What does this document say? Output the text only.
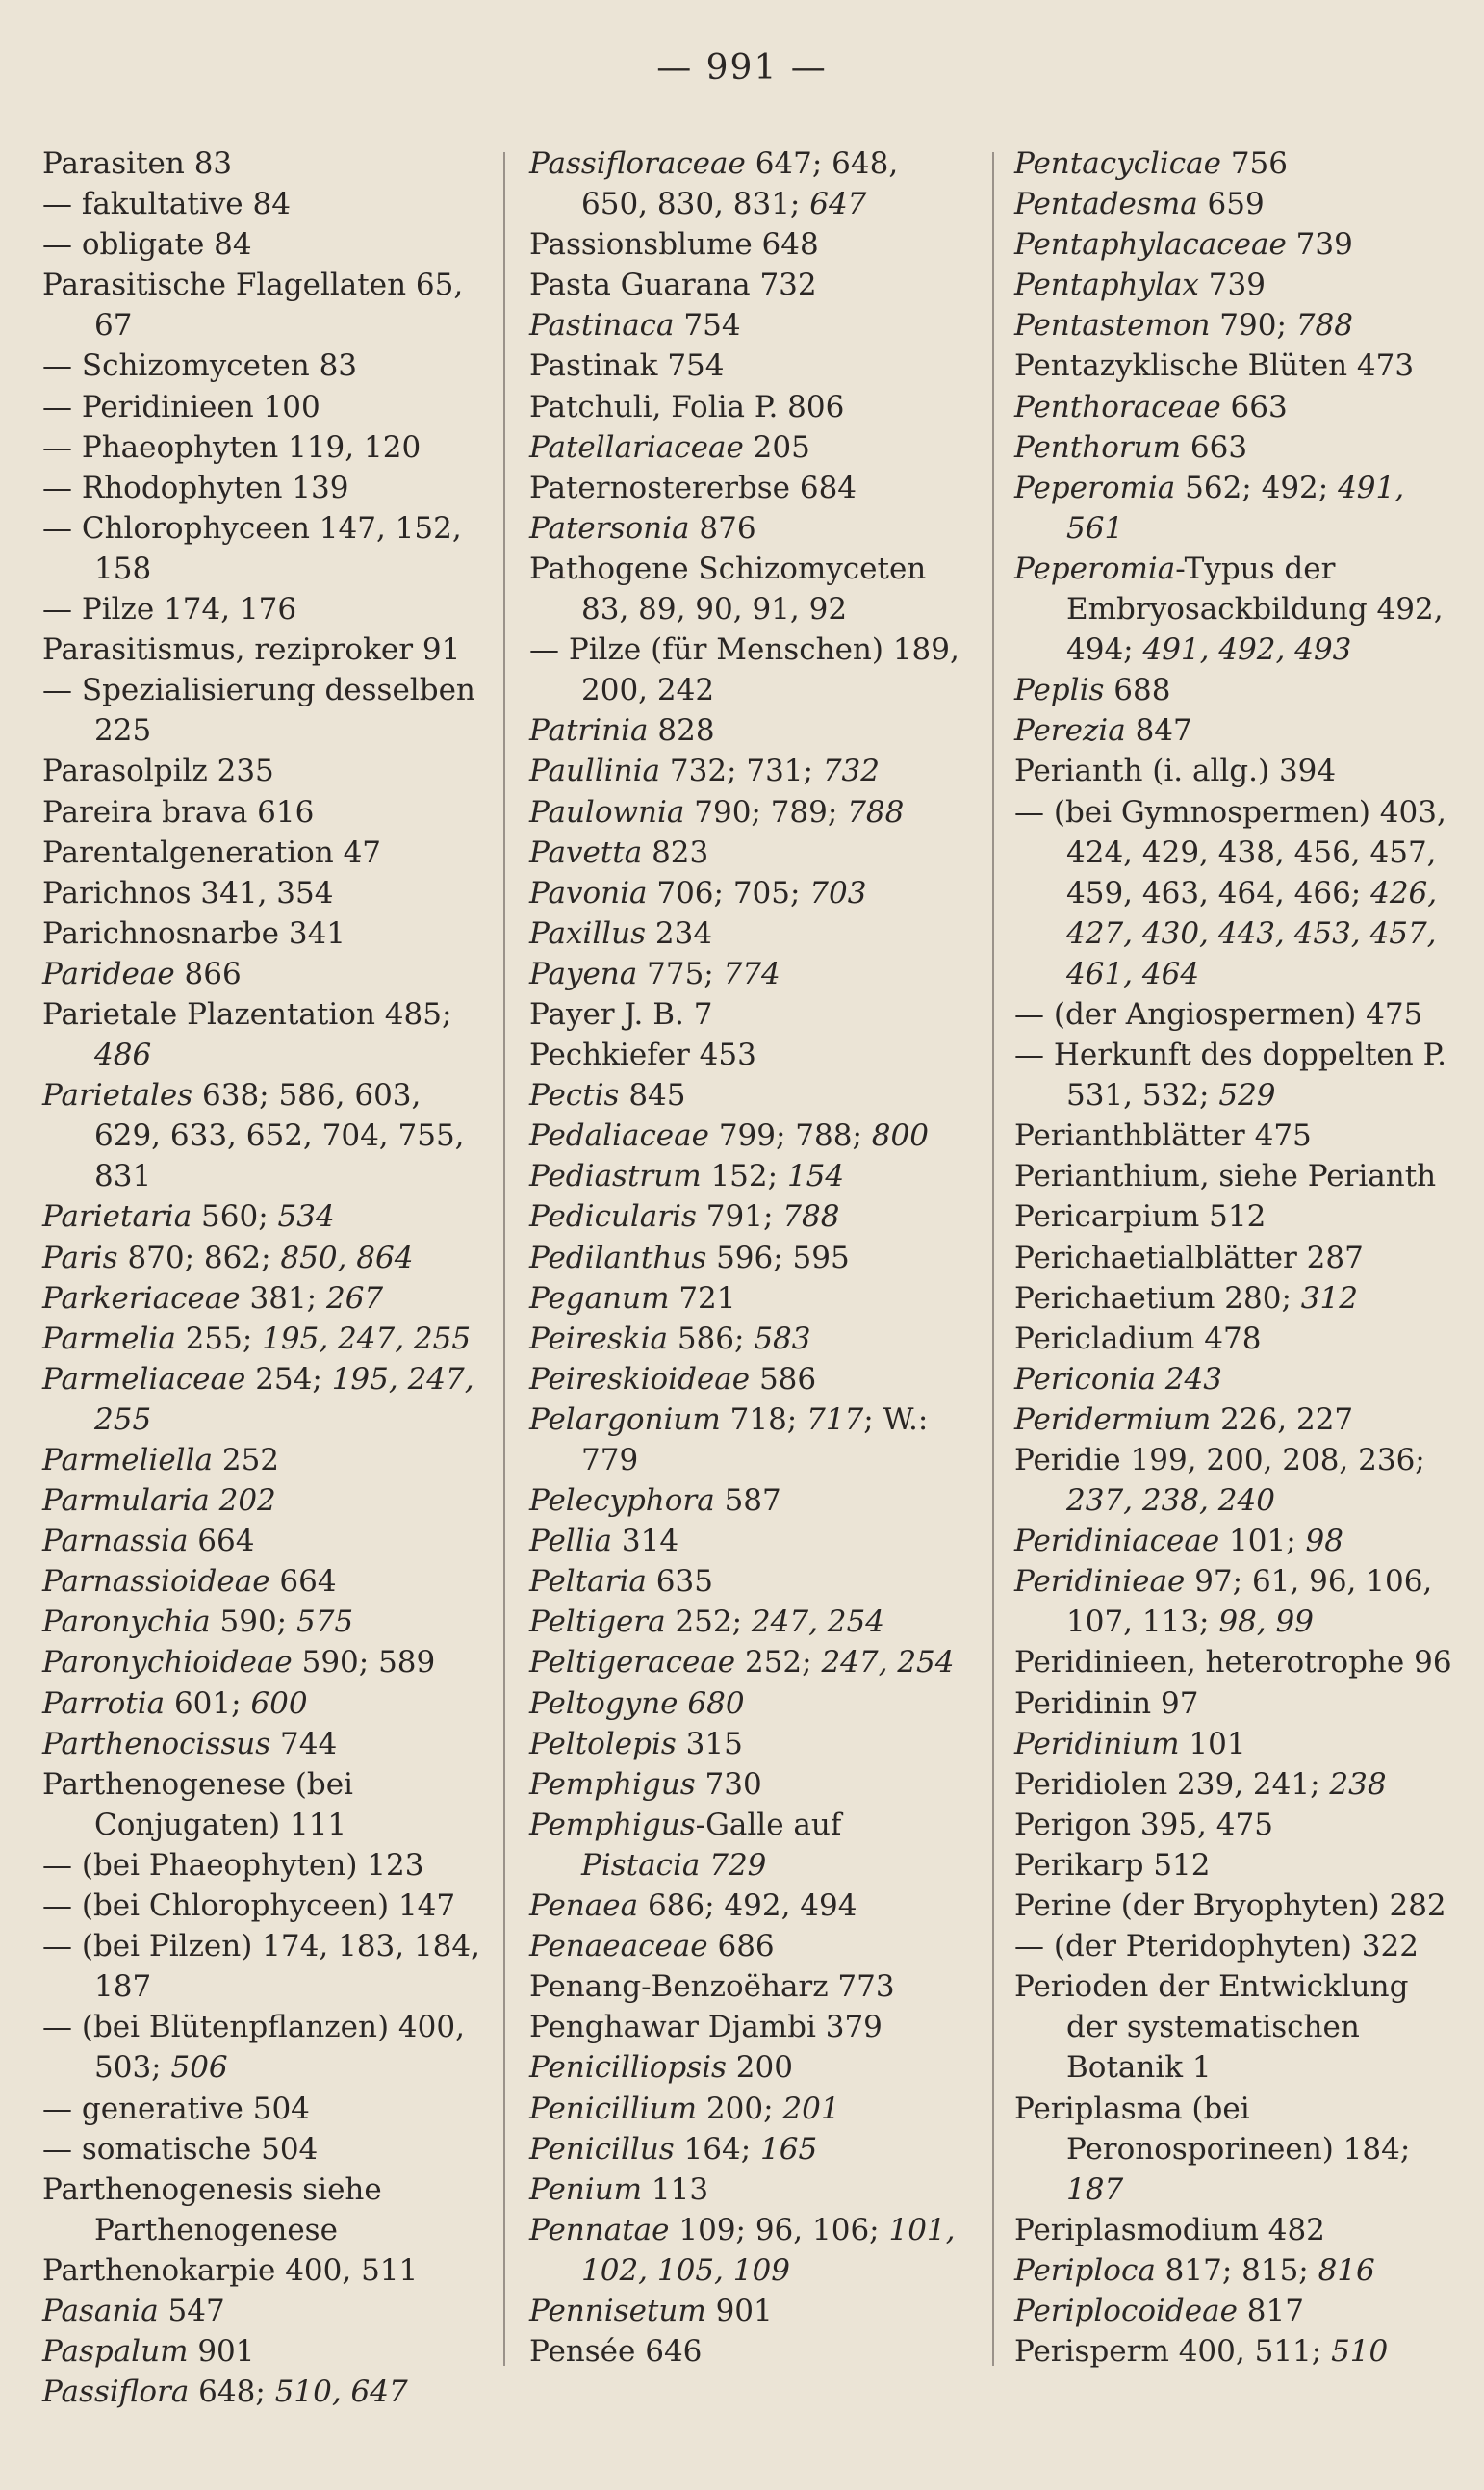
— 991 —
Parasiten 83
— fakultative 84
— obligate 84
Parasitische Flagellaten 65, 67
— Schizomyceten 83
— Peridinieen 100
— Phaeophyten 119, 120
— Rhodophyten 139
— Chlorophyceen 147, 152, 158
— Pilze 174, 176
Parasitismus, reziproker 91
— Spezialisierung desselben 225
Parasolpilz 235
Pareira brava 616
Parentalgeneration 47
Parichnos 341, 354
Parichnosnarbe 341
Parideae 866
Parietale Plazentation 485; 486
Parietales 638; 586, 603, 629, 633, 652, 704, 755, 831
Parietaria 560; 534
Paris 870; 862; 850, 864
Parkeriaceae 381; 267
Parmelia 255; 195, 247, 255
Parmeliaceae 254; 195, 247, 255
Parmeliella 252
Parmularia 202
Parnassia 664
Parnassioideae 664
Paronychia 590; 575
Paronychioideae 590; 589
Parrotia 601; 600
Parthenocissus 744
Parthenogenese (bei Conjugaten) 111
— (bei Phaeophyten) 123
— (bei Chlorophyceen) 147
— (bei Pilzen) 174, 183, 184, 187
— (bei Blütenpflanzen) 400, 503; 506
— generative 504
— somatische 504
Parthenogenesis siehe Parthenogenese
Parthenokarpie 400, 511
Pasania 547
Paspalum 901
Passiflora 648; 510, 647
Passifloraceae 647; 648, 650, 830, 831; 647
Passionsblume 648
Pasta Guarana 732
Pastinaca 754
Pastinak 754
Patchuli, Folia P. 806
Patellariaceae 205
Paternostererbse 684
Patersonia 876
Pathogene Schizomyceten 83, 89, 90, 91, 92
— Pilze (für Menschen) 189, 200, 242
Patrinia 828
Paullinia 732; 731; 732
Paulownia 790; 789; 788
Pavetta 823
Pavonia 706; 705; 703
Paxillus 234
Payena 775; 774
Payer J. B. 7
Pechkiefer 453
Pectis 845
Pedaliaceae 799; 788; 800
Pediastrum 152; 154
Pedicularis 791; 788
Pedilanthus 596; 595
Peganum 721
Peireskia 586; 583
Peireskioideae 586
Pelargonium 718; 717; W.: 779
Pelecyphora 587
Pellia 314
Peltaria 635
Peltigera 252; 247, 254
Peltigeraceae 252; 247, 254
Peltogyne 680
Peltolepis 315
Pemphigus 730
Pemphigus-Galle auf Pistacia 729
Penaea 686; 492, 494
Penaeaceae 686
Penang-Benzoëharz 773
Penghawar Djambi 379
Penicilliopsis 200
Penicillium 200; 201
Penicillus 164; 165
Penium 113
Pennatae 109; 96, 106; 101, 102, 105, 109
Pennisetum 901
Pensée 646
Pentacyclicae 756
Pentadesma 659
Pentaphylacaceae 739
Pentaphylax 739
Pentastemon 790; 788
Pentazyklische Blüten 473
Penthoraceae 663
Penthorum 663
Peperomia 562; 492; 491, 561
Peperomia-Typus der Embryosackbildung 492, 494; 491, 492, 493
Peplis 688
Perezia 847
Perianth (i. allg.) 394
— (bei Gymnospermen) 403, 424, 429, 438, 456, 457, 459, 463, 464, 466; 426, 427, 430, 443, 453, 457, 461, 464
— (der Angiospermen) 475
— Herkunft des doppelten P. 531, 532; 529
Perianthblätter 475
Perianthium, siehe Perianth
Pericarpium 512
Perichaetialblätter 287
Perichaetium 280; 312
Pericladium 478
Periconia 243
Peridermium 226, 227
Peridie 199, 200, 208, 236; 237, 238, 240
Peridiniaceae 101; 98
Peridinieae 97; 61, 96, 106, 107, 113; 98, 99
Peridinieen, heterotrophe 96
Peridinin 97
Peridinium 101
Peridiolen 239, 241; 238
Perigon 395, 475
Perikarp 512
Perine (der Bryophyten) 282
— (der Pteridophyten) 322
Perioden der Entwicklung der systematischen Botanik 1
Periplasma (bei Peronosporineen) 184; 187
Periplasmodium 482
Periploca 817; 815; 816
Periplocoideae 817
Perisperm 400, 511; 510
